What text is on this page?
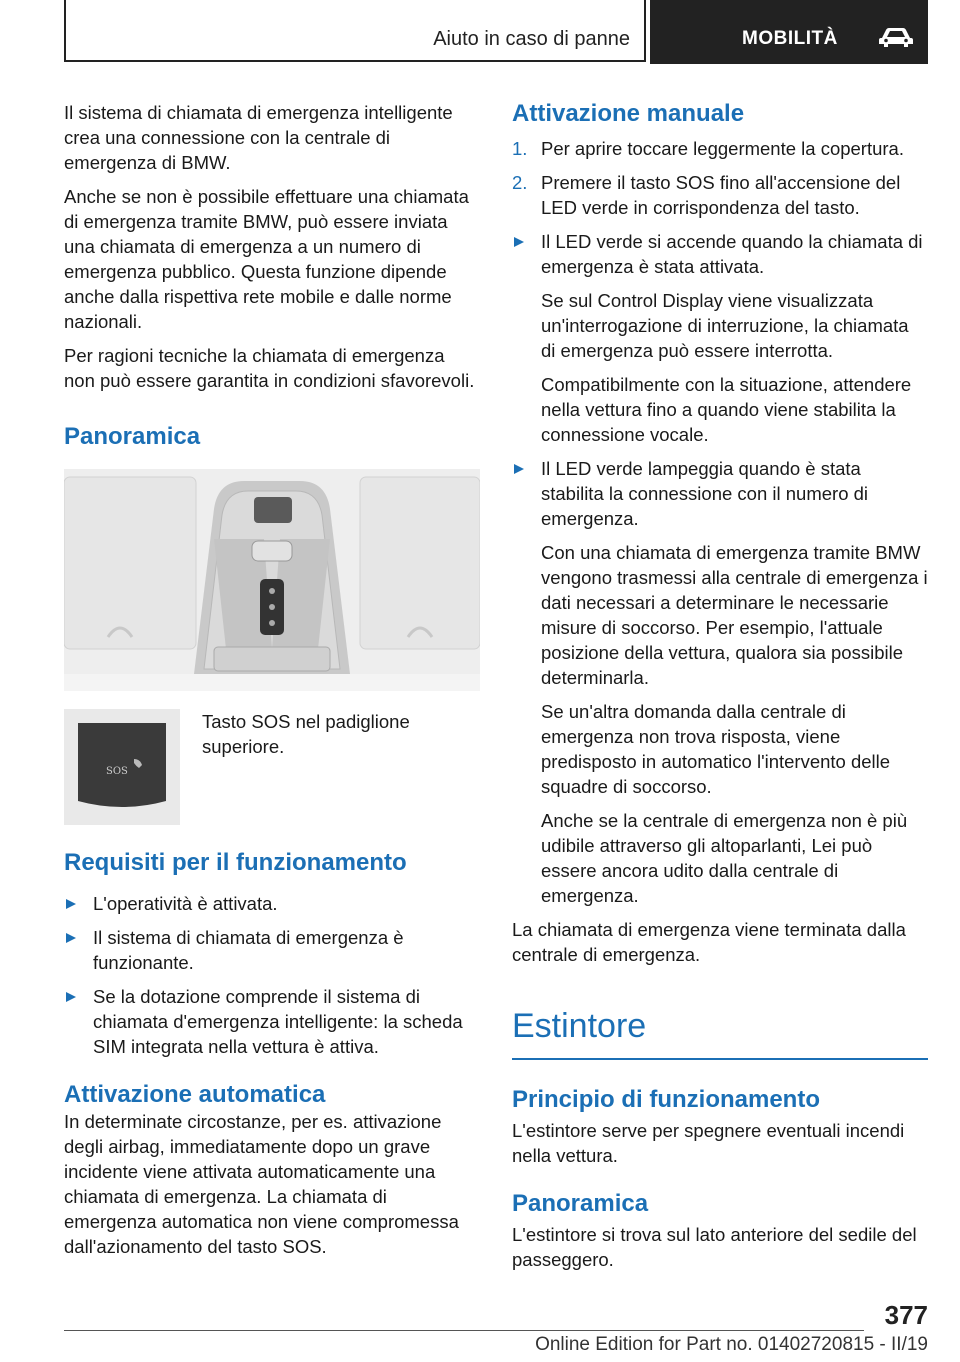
Aiuto in caso di panne	MOBILITÀ

Il sistema di chiamata di emergenza intelligente crea una connessione con la centrale di emergenza di BMW.

Anche se non è possibile effettuare una chiamata di emergenza tramite BMW, può essere inviata una chiamata di emergenza a un numero di emergenza pubblico. Questa funzione dipende anche dalla rispettiva rete mobile e dalle norme nazionali.

Per ragioni tecniche la chiamata di emergenza non può essere garantita in condizioni sfavorevoli.

Panoramica
SOS
Tasto SOS nel padiglione superiore.
Requisiti per il funzionamento
L'operatività è attivata.
Il sistema di chiamata di emergenza è funzionante.
Se la dotazione comprende il sistema di chiamata d'emergenza intelligente: la scheda SIM integrata nella vettura è attiva.
Attivazione automatica

In determinate circostanze, per es. attivazione degli airbag, immediatamente dopo un grave incidente viene attivata automaticamente una chiamata di emergenza. La chiamata di emergenza automatica non viene compromessa dall'azionamento del tasto SOS.

Attivazione manuale
1. Per aprire toccare leggermente la copertura.
2. Premere il tasto SOS fino all'accensione del LED verde in corrispondenza del tasto.
Il LED verde si accende quando la chiamata di emergenza è stata attivata.

Se sul Control Display viene visualizzata un'interrogazione di interruzione, la chiamata di emergenza può essere interrotta.

Compatibilmente con la situazione, attendere nella vettura fino a quando viene stabilita la connessione vocale.

Il LED verde lampeggia quando è stata stabilita la connessione con il numero di emergenza.

Con una chiamata di emergenza tramite BMW vengono trasmessi alla centrale di emergenza i dati necessari a determinare le necessarie misure di soccorso. Per esempio, l'attuale posizione della vettura, qualora sia possibile determinarla.

Se un'altra domanda dalla centrale di emergenza non trova risposta, viene predisposto in automatico l'intervento delle squadre di soccorso.

Anche se la centrale di emergenza non è più udibile attraverso gli altoparlanti, Lei può essere ancora udito dalla centrale di emergenza.

La chiamata di emergenza viene terminata dalla centrale di emergenza.

Estintore
Principio di funzionamento

L'estintore serve per spegnere eventuali incendi nella vettura.

Panoramica

L'estintore si trova sul lato anteriore del sedile del passeggero.

377
Online Edition for Part no. 01402720815 - II/19
